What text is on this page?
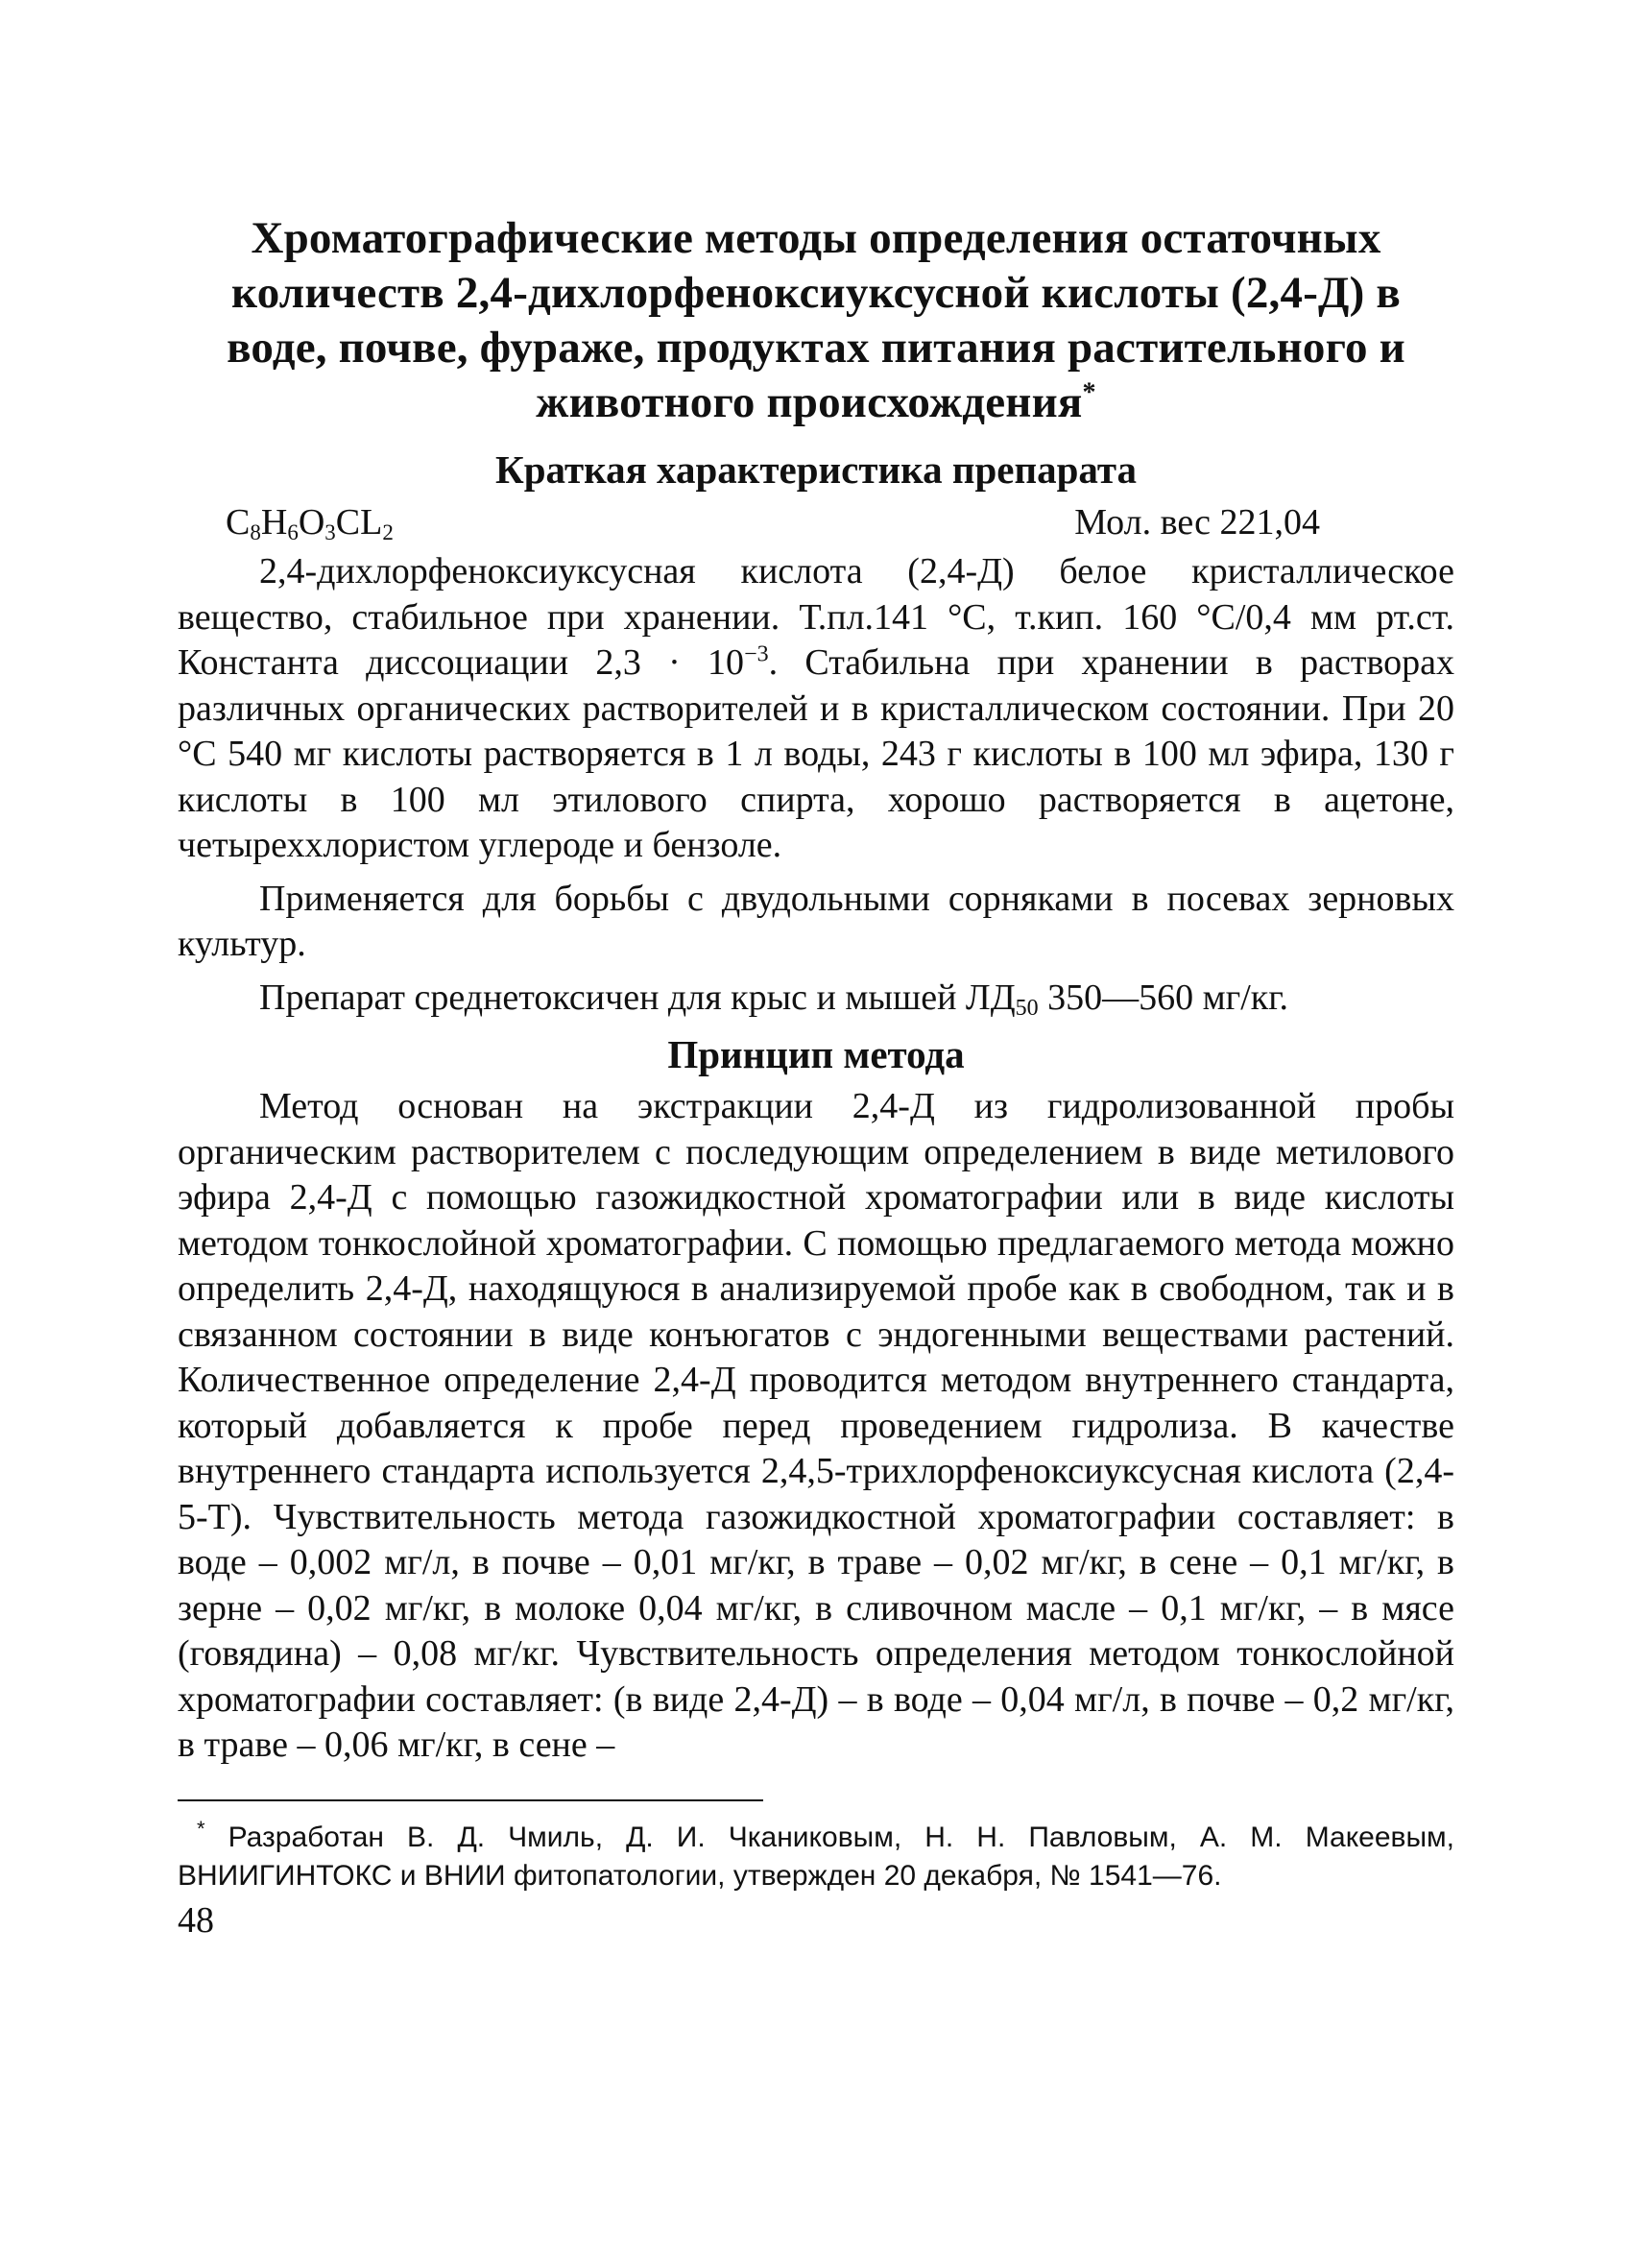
Хроматографические методы определения остаточных количеств 2,4-дихлорфеноксиуксусной кислоты (2,4-Д) в воде, почве, фураже, продуктах питания растительного и животного происхождения*
Краткая характеристика препарата
$C_8H_6O_3CL_2$	Мол. вес 221,04

2,4-дихлорфеноксиуксусная кислота (2,4-Д) белое кристаллическое вещество, стабильное при хранении. Т.пл.141 °С, т.кип. 160 °С/0,4 мм рт.ст. Константа диссоциации $2,3 \cdot 10^{-3}$. Стабильна при хранении в растворах различных органических растворителей и в кристаллическом состоянии. При 20 °С 540 мг кислоты растворяется в 1 л воды, 243 г кислоты в 100 мл эфира, 130 г кислоты в 100 мл этилового спирта, хорошо растворяется в ацетоне, четыреххлористом углероде и бензоле.

Применяется для борьбы с двудольными сорняками в посевах зерновых культур.

Препарат среднетоксичен для крыс и мышей $ЛД_{50}$ 350—560 мг/кг.

Принцип метода

Метод основан на экстракции 2,4-Д из гидролизованной пробы органическим растворителем с последующим определением в виде метилового эфира 2,4-Д с помощью газожидкостной хроматографии или в виде кислоты методом тонкослойной хроматографии. С помощью предлагаемого метода можно определить 2,4-Д, находящуюся в анализируемой пробе как в свободном, так и в связанном состоянии в виде конъюгатов с эндогенными веществами растений. Количественное определение 2,4-Д проводится методом внутреннего стандарта, который добавляется к пробе перед проведением гидролиза. В качестве внутреннего стандарта используется 2,4,5-трихлорфеноксиуксусная кислота (2,4-5-Т). Чувствительность метода газожидкостной хроматографии составляет: в воде – 0,002 мг/л, в почве – 0,01 мг/кг, в траве – 0,02 мг/кг, в сене – 0,1 мг/кг, в зерне – 0,02 мг/кг, в молоке 0,04 мг/кг, в сливочном масле – 0,1 мг/кг, – в мясе (говядина) – 0,08 мг/кг. Чувствительность определения методом тонкослойной хроматографии составляет: (в виде 2,4-Д) – в воде – 0,04 мг/л, в почве – 0,2 мг/кг, в траве – 0,06 мг/кг, в сене –

* Разработан В. Д. Чмиль, Д. И. Чканиковым, Н. Н. Павловым, А. М. Макеевым, ВНИИГИНТОКС и ВНИИ фитопатологии, утвержден 20 декабря, № 1541—76.

48
